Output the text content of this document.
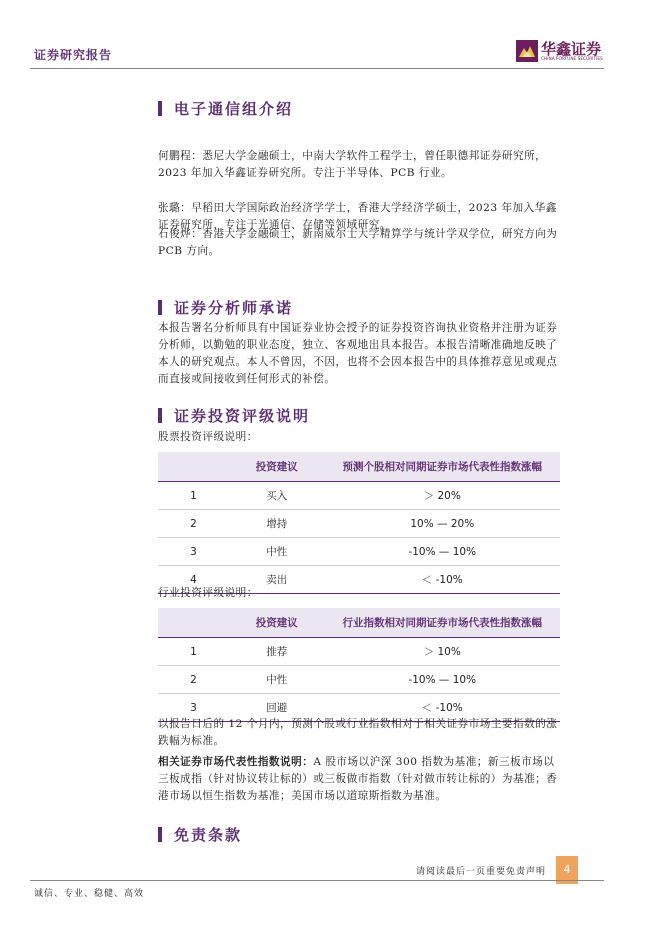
证券研究报告	华鑫证券
CHINA FORTUNE SECURITIES
电子通信组介绍
何鹏程：悉尼大学金融硕士，中南大学软件工程学士，曾任职德邦证券研究所，2023 年加入华鑫证券研究所。专注于半导体、PCB 行业。
张璐：早稻田大学国际政治经济学学士，香港大学经济学硕士，2023 年加入华鑫证券研究所，专注于光通信、存储等领域研究。
石俊烨：香港大学金融硕士，新南威尔士大学精算学与统计学双学位，研究方向为 PCB 方向。
证券分析师承诺
本报告署名分析师具有中国证券业协会授予的证券投资咨询执业资格并注册为证券分析师，以勤勉的职业态度，独立、客观地出具本报告。本报告清晰准确地反映了本人的研究观点。本人不曾因，不因，也将不会因本报告中的具体推荐意见或观点而直接或间接收到任何形式的补偿。
证券投资评级说明
股票投资评级说明：
	投资建议	预测个股相对同期证券市场代表性指数涨幅
1	买入	＞ 20%
2	增持	10% — 20%
3	中性	-10% — 10%
4	卖出	＜ -10%
行业投资评级说明：
	投资建议	行业指数相对同期证券市场代表性指数涨幅
1	推荐	＞ 10%
2	中性	-10% — 10%
3	回避	＜ -10%
以报告日后的 12 个月内，预测个股或行业指数相对于相关证券市场主要指数的涨跌幅为标准。
相关证券市场代表性指数说明：A 股市场以沪深 300 指数为基准；新三板市场以三板成指（针对协议转让标的）或三板做市指数（针对做市转让标的）为基准；香港市场以恒生指数为基准；美国市场以道琼斯指数为基准。
免责条款
请阅读最后一页重要免责声明	4
诚信、专业、稳健、高效
